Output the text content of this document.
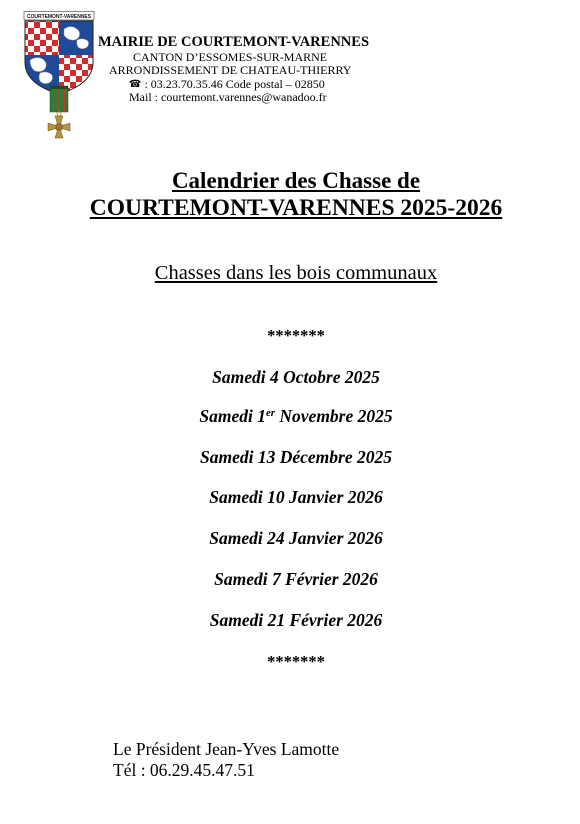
COURTEMONT-VARENNES
MAIRIE DE COURTEMONT-VARENNES
CANTON D’ESSOMES-SUR-MARNE
ARRONDISSEMENT DE CHATEAU-THIERRY
☎ : 03.23.70.35.46 Code postal – 02850
Mail : courtemont.varennes@wanadoo.fr
Calendrier des Chasse de
COURTEMONT-VARENNES 2025-2026
Chasses dans les bois communaux
*******
Samedi 4 Octobre 2025
Samedi 1er Novembre 2025
Samedi 13 Décembre 2025
Samedi 10 Janvier 2026
Samedi 24 Janvier 2026
Samedi 7 Février 2026
Samedi 21 Février 2026
*******
Le Président Jean-Yves Lamotte
Tél : 06.29.45.47.51
